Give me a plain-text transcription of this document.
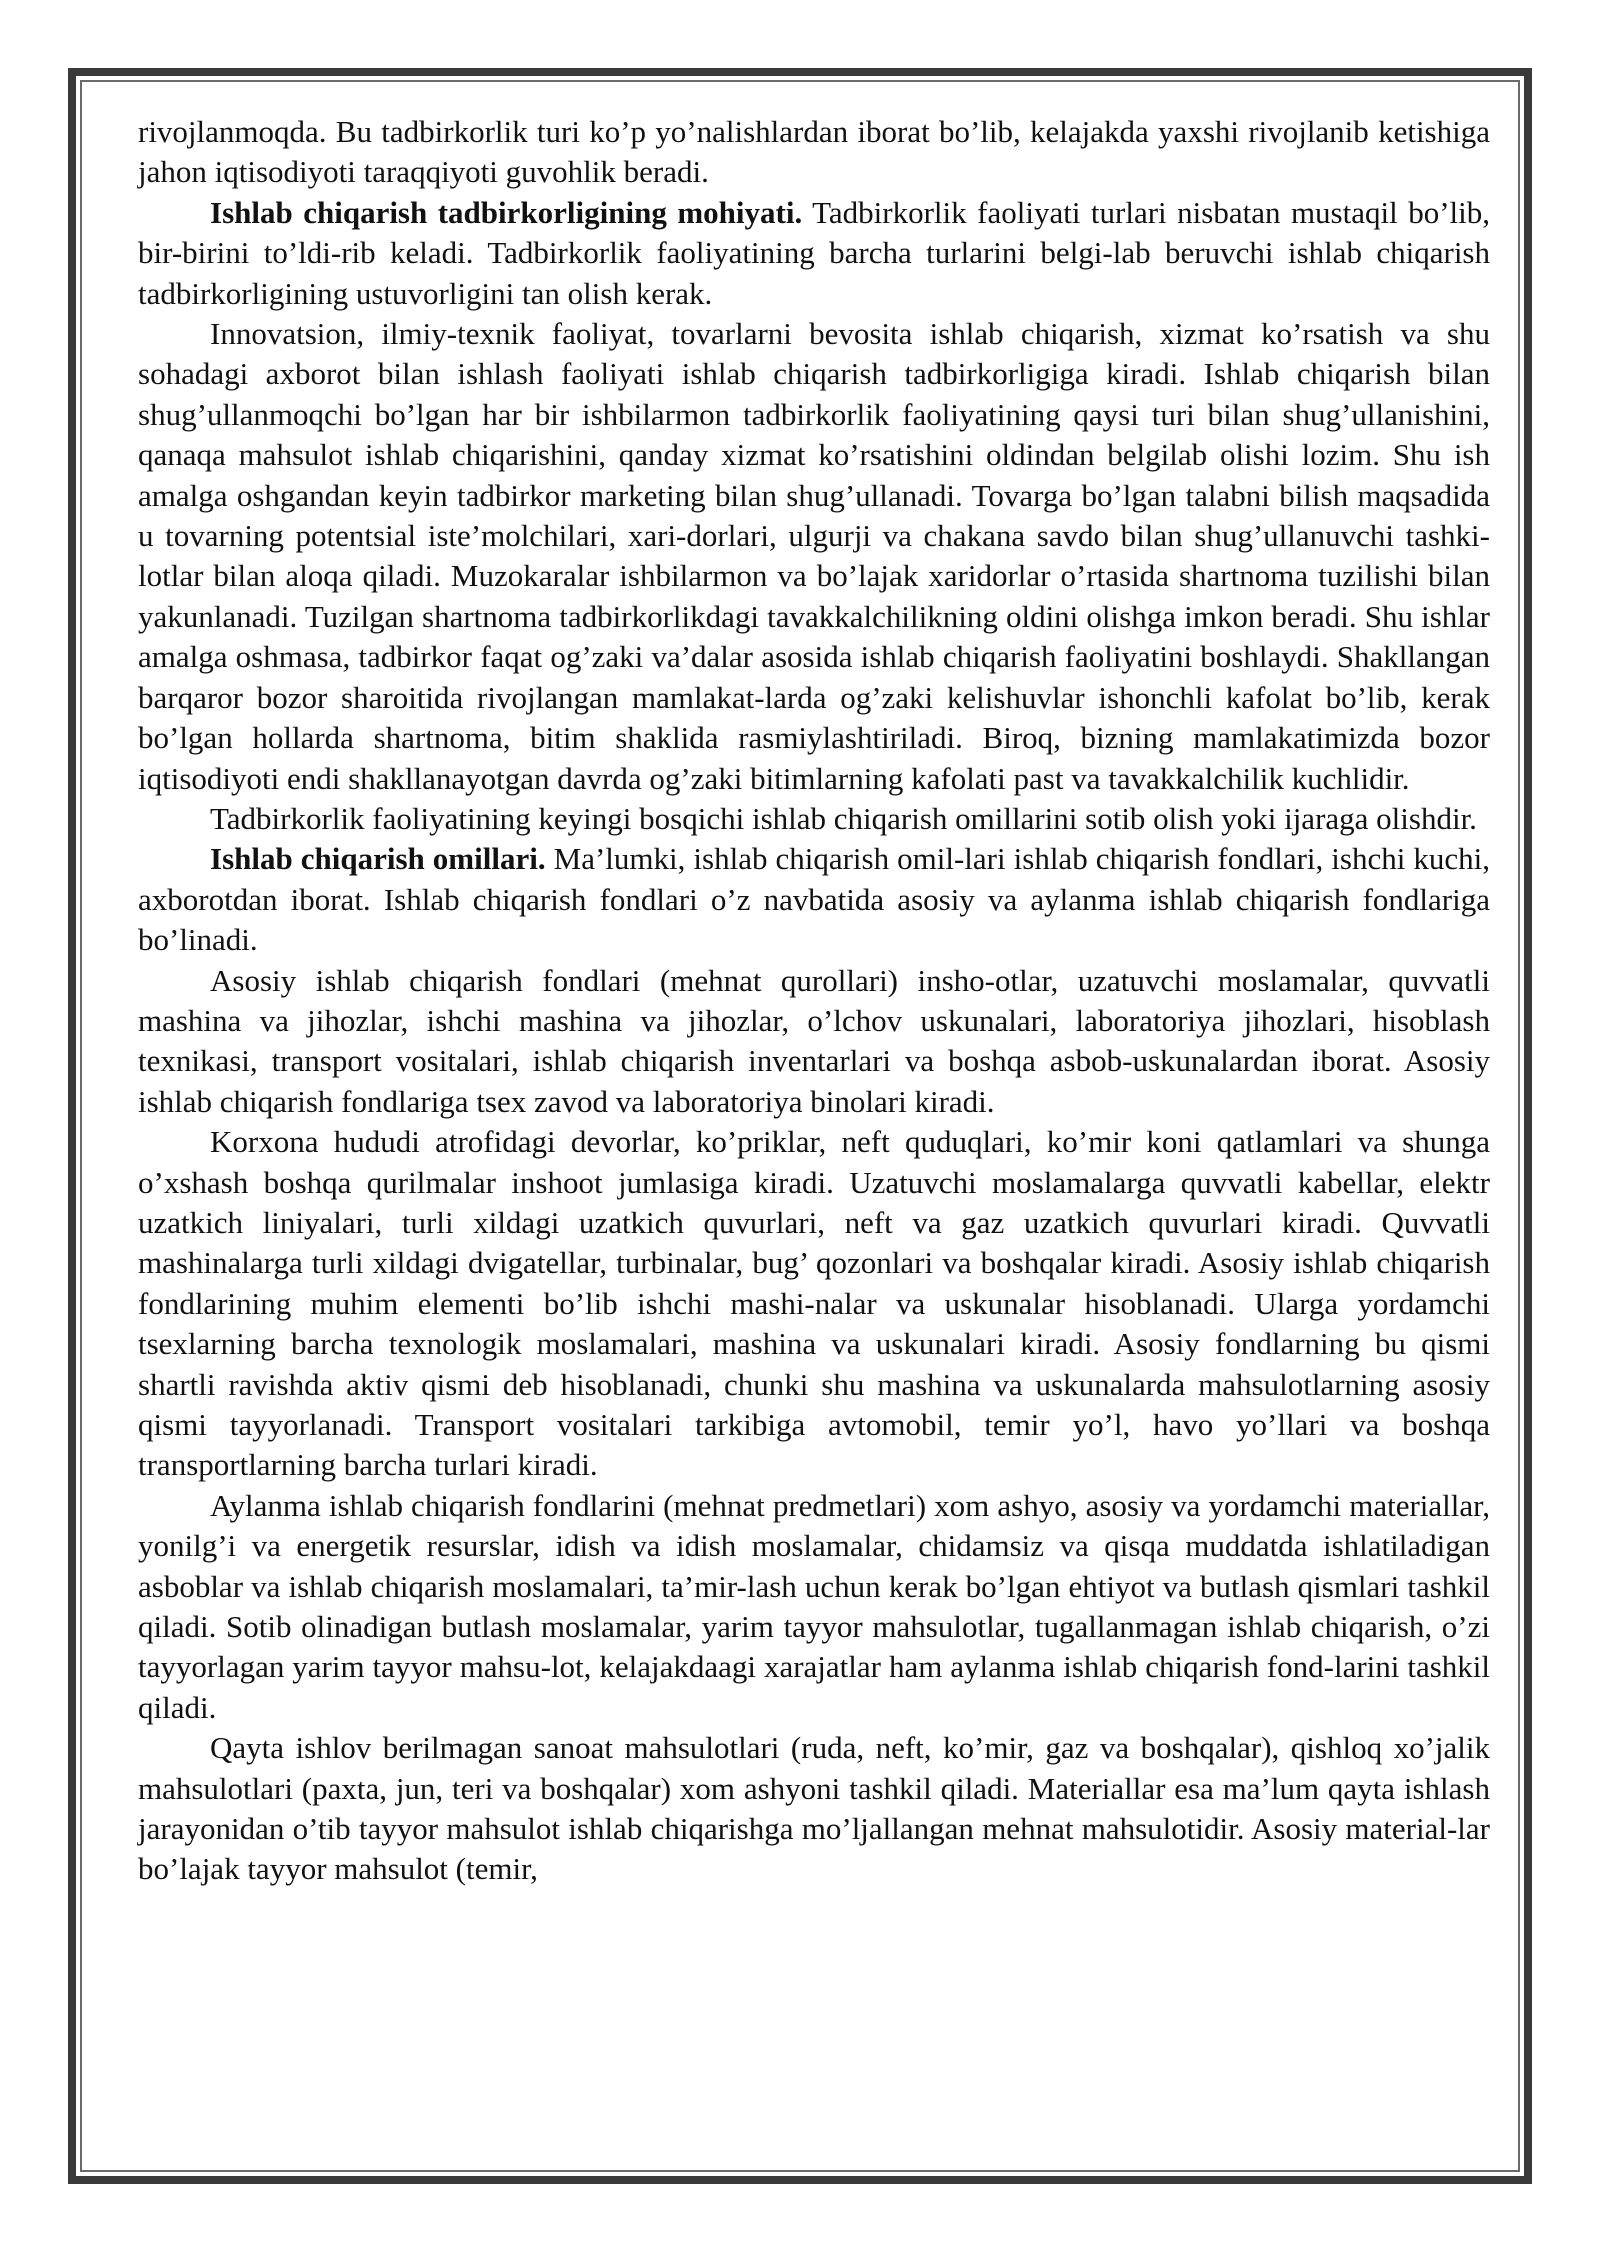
rivojlanmoqda. Bu tadbirkorlik turi ko’p yo’nalishlardan iborat bo’lib, kelajakda yaxshi rivojlanib ketishiga jahon iqtisodiyoti taraqqiyoti guvohlik beradi.

Ishlab chiqarish tadbirkorligining mohiyati. Tadbirkorlik faoliyati turlari nisbatan mustaqil bo’lib, bir-birini to’ldi-rib keladi. Tadbirkorlik faoliyatining barcha turlarini belgi-lab beruvchi ishlab chiqarish tadbirkorligining ustuvorligini tan olish kerak.

Innovatsion, ilmiy-texnik faoliyat, tovarlarni bevosita ishlab chiqarish, xizmat ko’rsatish va shu sohadagi axborot bilan ishlash faoliyati ishlab chiqarish tadbirkorligiga kiradi. Ishlab chiqarish bilan shug’ullanmoqchi bo’lgan har bir ishbilarmon tadbirkorlik faoliyatining qaysi turi bilan shug’ullanishini, qanaqa mahsulot ishlab chiqarishini, qanday xizmat ko’rsatishini oldindan belgilab olishi lozim. Shu ish amalga oshgandan keyin tadbirkor marketing bilan shug’ullanadi. Tovarga bo’lgan talabni bilish maqsadida u tovarning potentsial iste’molchilari, xari-dorlari, ulgurji va chakana savdo bilan shug’ullanuvchi tashki-lotlar bilan aloqa qiladi. Muzokaralar ishbilarmon va bo’lajak xaridorlar o’rtasida shartnoma tuzilishi bilan yakunlanadi. Tuzilgan shartnoma tadbirkorlikdagi tavakkalchilikning oldini olishga imkon beradi. Shu ishlar amalga oshmasa, tadbirkor faqat og’zaki va’dalar asosida ishlab chiqarish faoliyatini boshlaydi. Shakllangan barqaror bozor sharoitida rivojlangan mamlakat-larda og’zaki kelishuvlar ishonchli kafolat bo’lib, kerak bo’lgan hollarda shartnoma, bitim shaklida rasmiylashtiriladi. Biroq, bizning mamlakatimizda bozor iqtisodiyoti endi shakllanayotgan davrda og’zaki bitimlarning kafolati past va tavakkalchilik kuchlidir.

Tadbirkorlik faoliyatining keyingi bosqichi ishlab chiqarish omillarini sotib olish yoki ijaraga olishdir.

Ishlab chiqarish omillari. Ma’lumki, ishlab chiqarish omil-lari ishlab chiqarish fondlari, ishchi kuchi, axborotdan iborat. Ishlab chiqarish fondlari o’z navbatida asosiy va aylanma ishlab chiqarish fondlariga bo’linadi.

Asosiy ishlab chiqarish fondlari (mehnat qurollari) insho-otlar, uzatuvchi moslamalar, quvvatli mashina va jihozlar, ishchi mashina va jihozlar, o’lchov uskunalari, laboratoriya jihozlari, hisoblash texnikasi, transport vositalari, ishlab chiqarish inventarlari va boshqa asbob-uskunalardan iborat. Asosiy ishlab chiqarish fondlariga tsex zavod va laboratoriya binolari kiradi.

Korxona hududi atrofidagi devorlar, ko’priklar, neft quduqlari, ko’mir koni qatlamlari va shunga o’xshash boshqa qurilmalar inshoot jumlasiga kiradi. Uzatuvchi moslamalarga quvvatli kabellar, elektr uzatkich liniyalari, turli xildagi uzatkich quvurlari, neft va gaz uzatkich quvurlari kiradi. Quvvatli mashinalarga turli xildagi dvigatellar, turbinalar, bug’ qozonlari va boshqalar kiradi. Asosiy ishlab chiqarish fondlarining muhim elementi bo’lib ishchi mashi-nalar va uskunalar hisoblanadi. Ularga yordamchi tsexlarning barcha texnologik moslamalari, mashina va uskunalari kiradi. Asosiy fondlarning bu qismi shartli ravishda aktiv qismi deb hisoblanadi, chunki shu mashina va uskunalarda mahsulotlarning asosiy qismi tayyorlanadi. Transport vositalari tarkibiga avtomobil, temir yo’l, havo yo’llari va boshqa transportlarning barcha turlari kiradi.

Aylanma ishlab chiqarish fondlarini (mehnat predmetlari) xom ashyo, asosiy va yordamchi materiallar, yonilg’i va energetik resurslar, idish va idish moslamalar, chidamsiz va qisqa muddatda ishlatiladigan asboblar va ishlab chiqarish moslamalari, ta’mir-lash uchun kerak bo’lgan ehtiyot va butlash qismlari tashkil qiladi. Sotib olinadigan butlash moslamalar, yarim tayyor mahsulotlar, tugallanmagan ishlab chiqarish, o’zi tayyorlagan yarim tayyor mahsu-lot, kelajakdaagi xarajatlar ham aylanma ishlab chiqarish fond-larini tashkil qiladi.

Qayta ishlov berilmagan sanoat mahsulotlari (ruda, neft, ko’mir, gaz va boshqalar), qishloq xo’jalik mahsulotlari (paxta, jun, teri va boshqalar) xom ashyoni tashkil qiladi. Materiallar esa ma’lum qayta ishlash jarayonidan o’tib tayyor mahsulot ishlab chiqarishga mo’ljallangan mehnat mahsulotidir. Asosiy material-lar bo’lajak tayyor mahsulot (temir,
